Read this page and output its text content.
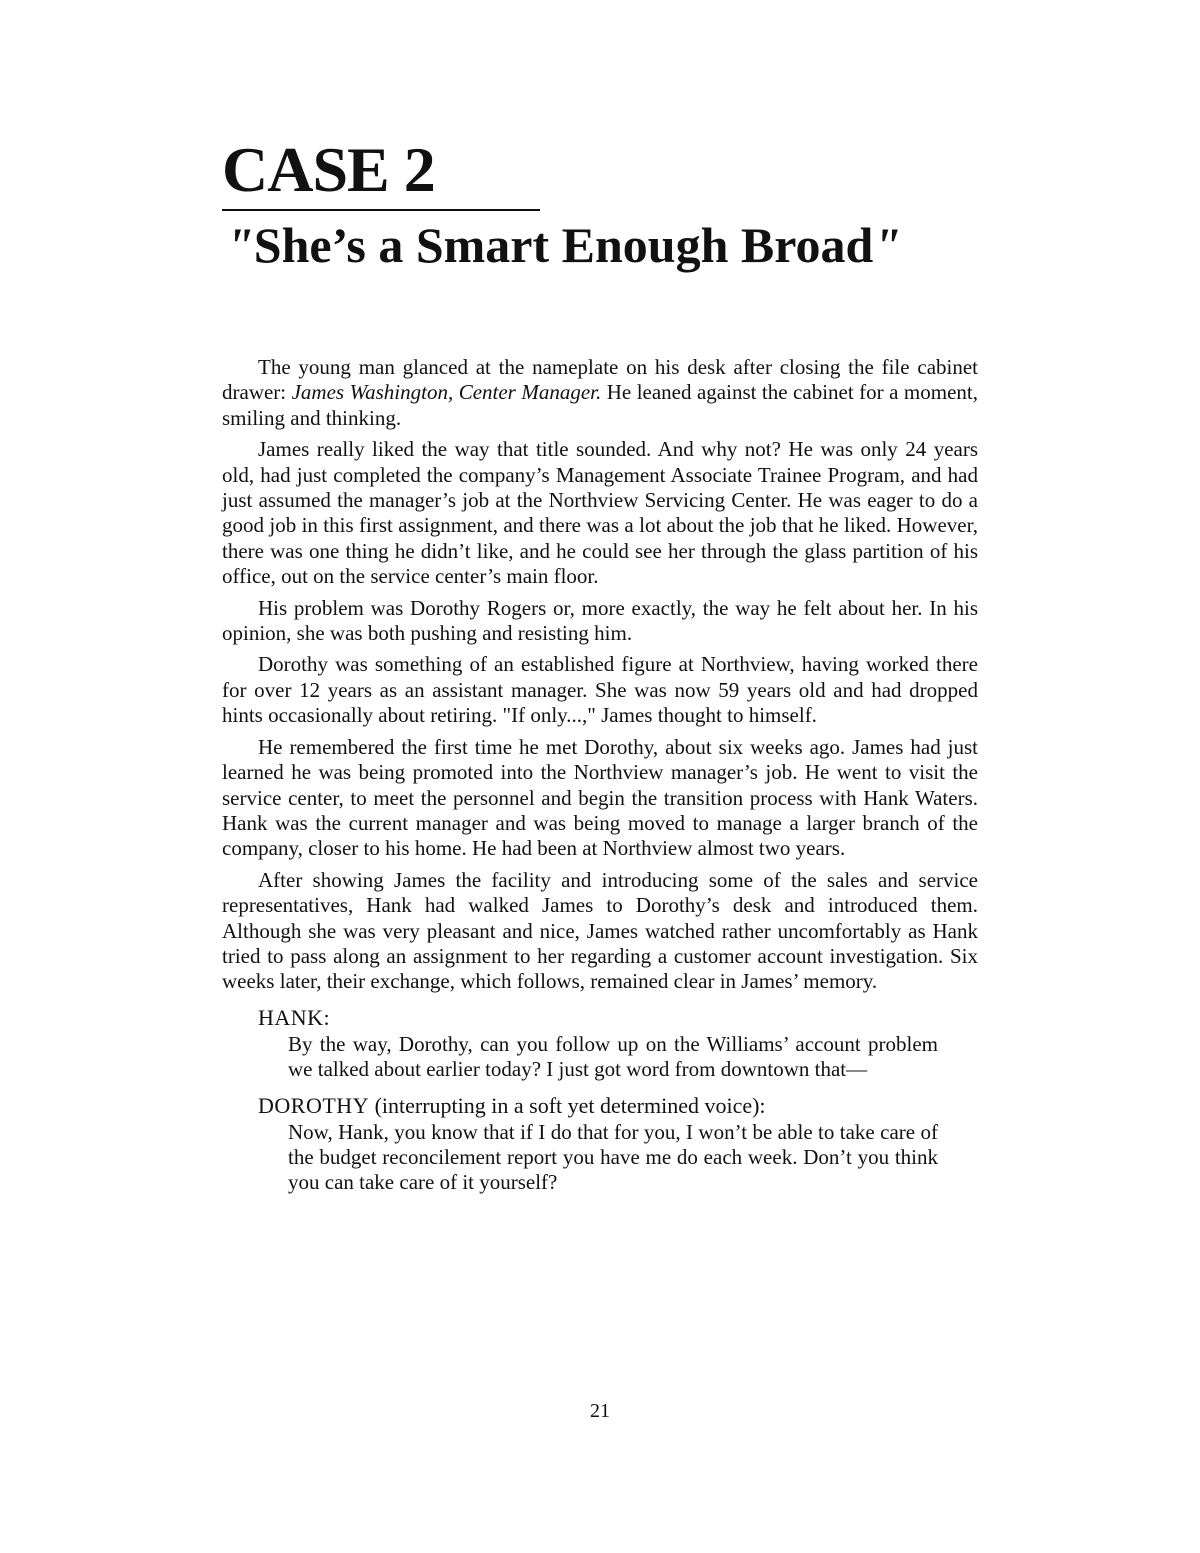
CASE 2
"She’s a Smart Enough Broad"

The young man glanced at the nameplate on his desk after closing the file cabinet drawer: James Washington, Center Manager. He leaned against the cabinet for a moment, smiling and thinking.

James really liked the way that title sounded. And why not? He was only 24 years old, had just completed the company’s Management Associate Trainee Program, and had just assumed the manager’s job at the Northview Servicing Center. He was eager to do a good job in this first assignment, and there was a lot about the job that he liked. However, there was one thing he didn’t like, and he could see her through the glass partition of his office, out on the service center’s main floor.

His problem was Dorothy Rogers or, more exactly, the way he felt about her. In his opinion, she was both pushing and resisting him.

Dorothy was something of an established figure at Northview, having worked there for over 12 years as an assistant manager. She was now 59 years old and had dropped hints occasionally about retiring. "If only...," James thought to himself.

He remembered the first time he met Dorothy, about six weeks ago. James had just learned he was being promoted into the Northview manager’s job. He went to visit the service center, to meet the personnel and begin the transition process with Hank Waters. Hank was the current manager and was being moved to manage a larger branch of the company, closer to his home. He had been at Northview almost two years.

After showing James the facility and introducing some of the sales and service representatives, Hank had walked James to Dorothy’s desk and introduced them. Although she was very pleasant and nice, James watched rather uncomfortably as Hank tried to pass along an assignment to her regarding a customer account investigation. Six weeks later, their exchange, which follows, remained clear in James’ memory.

HANK:
By the way, Dorothy, can you follow up on the Williams’ account problem we talked about earlier today? I just got word from downtown that—
DOROTHY (interrupting in a soft yet determined voice):
Now, Hank, you know that if I do that for you, I won’t be able to take care of the budget reconcilement report you have me do each week. Don’t you think you can take care of it yourself?
21
